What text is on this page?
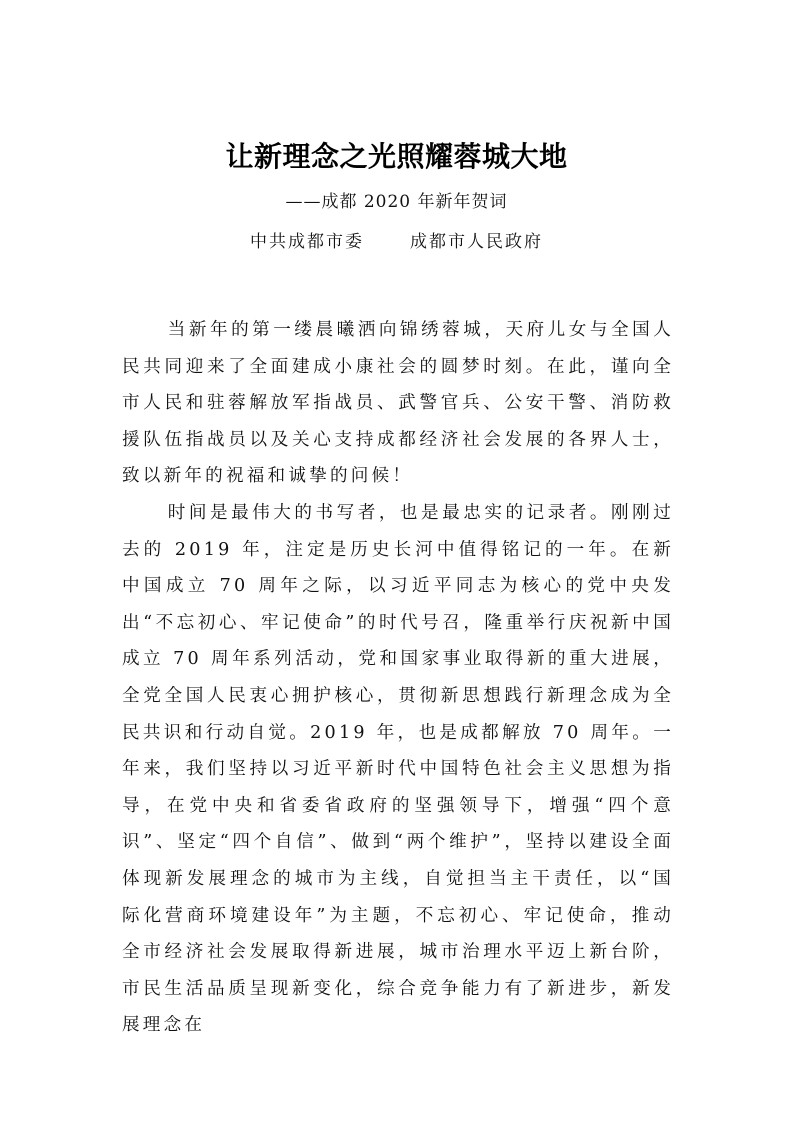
让新理念之光照耀蓉城大地
——成都 2020 年新年贺词
中共成都市委	成都市人民政府

当新年的第一缕晨曦洒向锦绣蓉城，天府儿女与全国人民共同迎来了全面建成小康社会的圆梦时刻。在此，谨向全市人民和驻蓉解放军指战员、武警官兵、公安干警、消防救援队伍指战员以及关心支持成都经济社会发展的各界人士，致以新年的祝福和诚挚的问候！

时间是最伟大的书写者，也是最忠实的记录者。刚刚过去的 2019 年，注定是历史长河中值得铭记的一年。在新中国成立 70 周年之际，以习近平同志为核心的党中央发出“不忘初心、牢记使命”的时代号召，隆重举行庆祝新中国成立 70 周年系列活动，党和国家事业取得新的重大进展，全党全国人民衷心拥护核心，贯彻新思想践行新理念成为全民共识和行动自觉。2019 年，也是成都解放 70 周年。一年来，我们坚持以习近平新时代中国特色社会主义思想为指导，在党中央和省委省政府的坚强领导下，增强“四个意识”、坚定“四个自信”、做到“两个维护”，坚持以建设全面体现新发展理念的城市为主线，自觉担当主干责任，以“国际化营商环境建设年”为主题，不忘初心、牢记使命，推动全市经济社会发展取得新进展，城市治理水平迈上新台阶，市民生活品质呈现新变化，综合竞争能力有了新进步，新发展理念在
